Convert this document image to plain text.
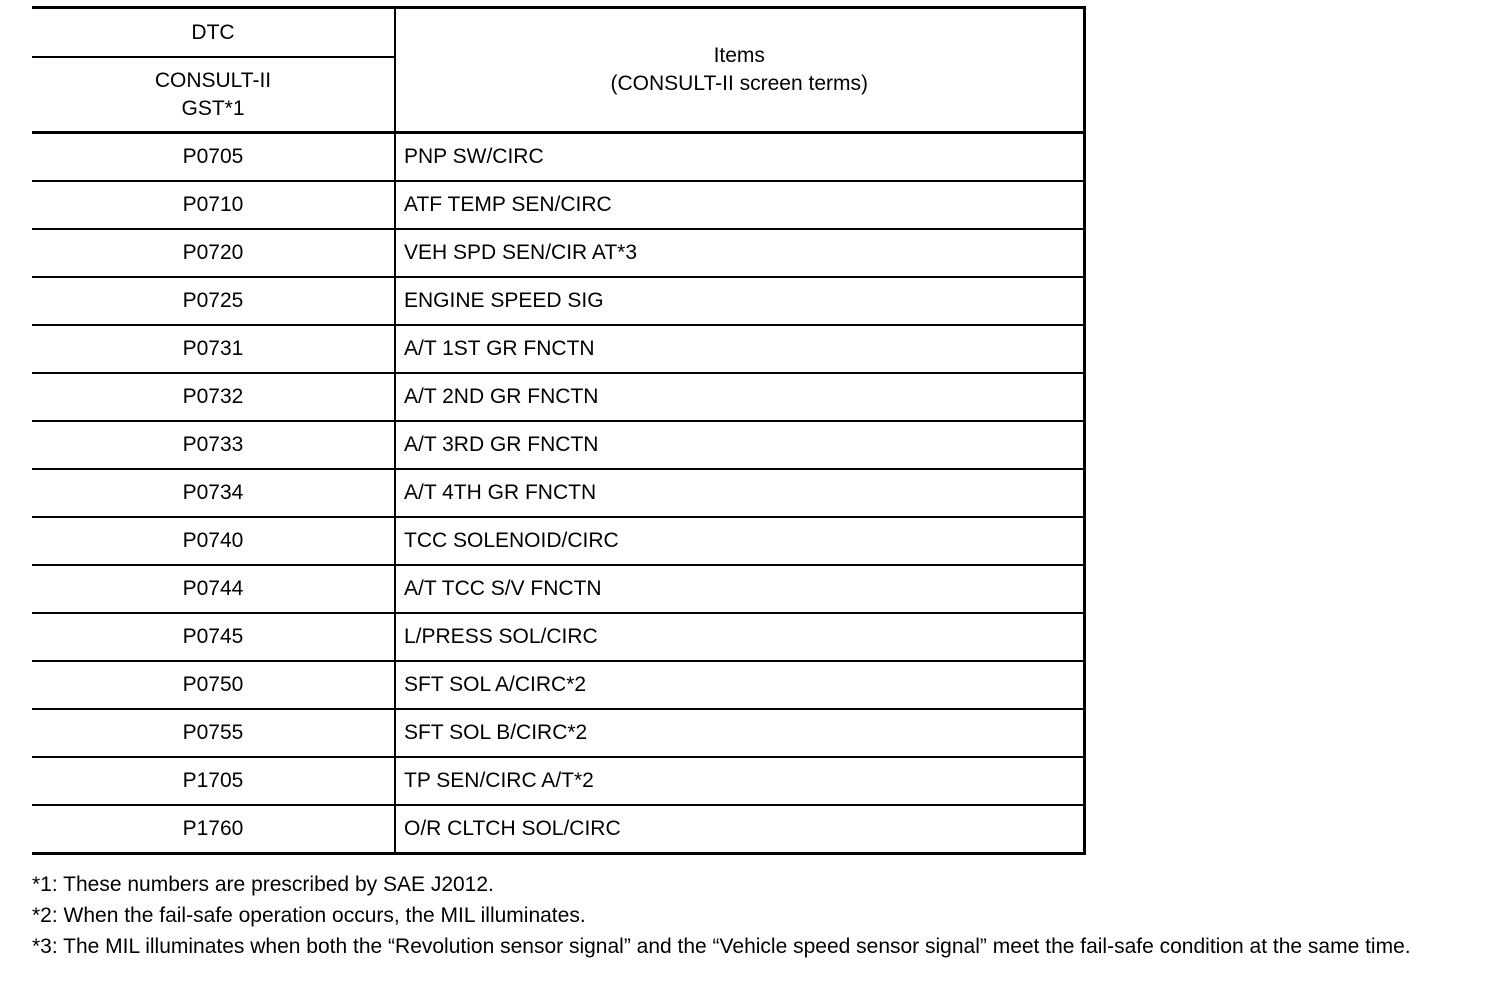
DTC	Items
(CONSULT-II screen terms)
CONSULT-II
GST*1	
P0705	PNP SW/CIRC
P0710	ATF TEMP SEN/CIRC
P0720	VEH SPD SEN/CIR AT*3
P0725	ENGINE SPEED SIG
P0731	A/T 1ST GR FNCTN
P0732	A/T 2ND GR FNCTN
P0733	A/T 3RD GR FNCTN
P0734	A/T 4TH GR FNCTN
P0740	TCC SOLENOID/CIRC
P0744	A/T TCC S/V FNCTN
P0745	L/PRESS SOL/CIRC
P0750	SFT SOL A/CIRC*2
P0755	SFT SOL B/CIRC*2
P1705	TP SEN/CIRC A/T*2
P1760	O/R CLTCH SOL/CIRC

*1: These numbers are prescribed by SAE J2012.

*2: When the fail-safe operation occurs, the MIL illuminates.

*3: The MIL illuminates when both the “Revolution sensor signal” and the “Vehicle speed sensor signal” meet the fail-safe condition at the same time.
